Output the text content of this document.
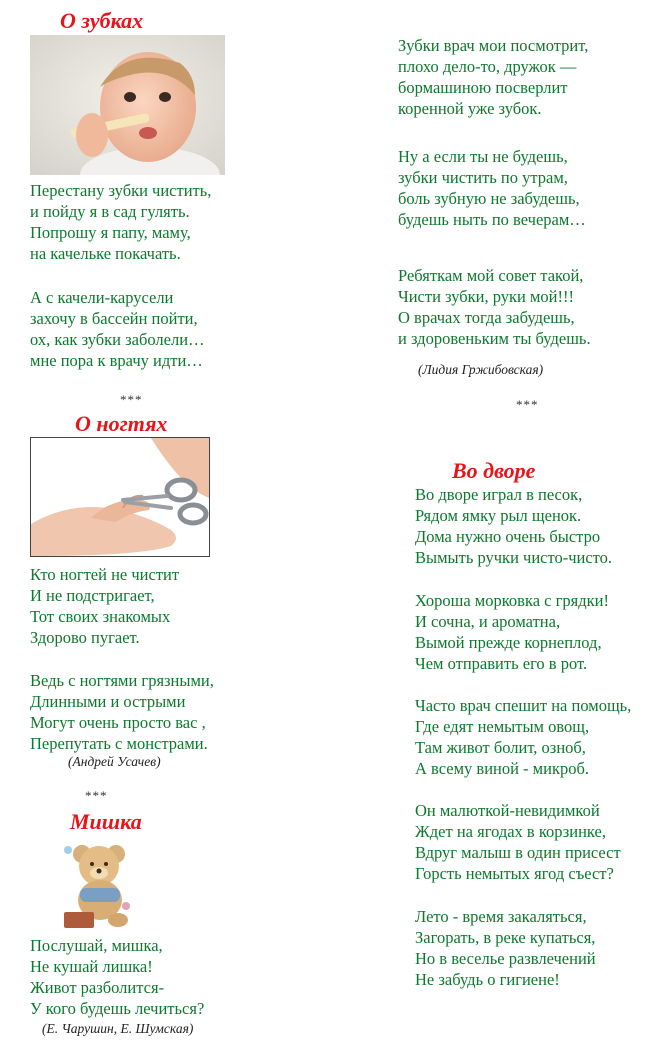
О зубках
Перестану зубки чистить,
и пойду я в сад гулять.
Попрошу я папу, маму,
на качельке покачать.
А с качели-карусели
захочу в бассейн пойти,
ох, как зубки заболели…
мне пора к врачу идти…
***
О ногтях
Кто ногтей не чистит
И не подстригает,
Тот своих знакомых
Здорово пугает.
Ведь с ногтями грязными,
Длинными и острыми
Могут очень просто вас ,
Перепутать с монстрами.
(Андрей Усачев)
***
Мишка
Послушай, мишка,
Не кушай лишка!
Живот разболится-
У кого будешь лечиться?
(Е. Чарушин, Е. Шумская)
Зубки врач мои посмотрит,
плохо дело-то, дружок —
бормашиною посверлит
коренной уже зубок.
Ну а если ты не будешь,
зубки чистить по утрам,
боль зубную не забудешь,
будешь ныть по вечерам…
Ребяткам мой совет такой,
Чисти зубки, руки мой!!!
О врачах тогда забудешь,
и здоровеньким ты будешь.
(Лидия Гржибовская)
***
Во дворе
Во дворе играл в песок,
Рядом ямку рыл щенок.
Дома нужно очень быстро
Вымыть ручки чисто-чисто.
Хороша морковка с грядки!
И сочна, и ароматна,
Вымой прежде корнеплод,
Чем отправить его в рот.
Часто врач спешит на помощь,
Где едят немытым овощ,
Там живот болит, озноб,
А всему виной - микроб.
Он малюткой-невидимкой
Ждет на ягодах в корзинке,
Вдруг малыш в один присест
Горсть немытых ягод съест?
Лето - время закаляться,
Загорать, в реке купаться,
Но в веселье развлечений
Не забудь о гигиене!
